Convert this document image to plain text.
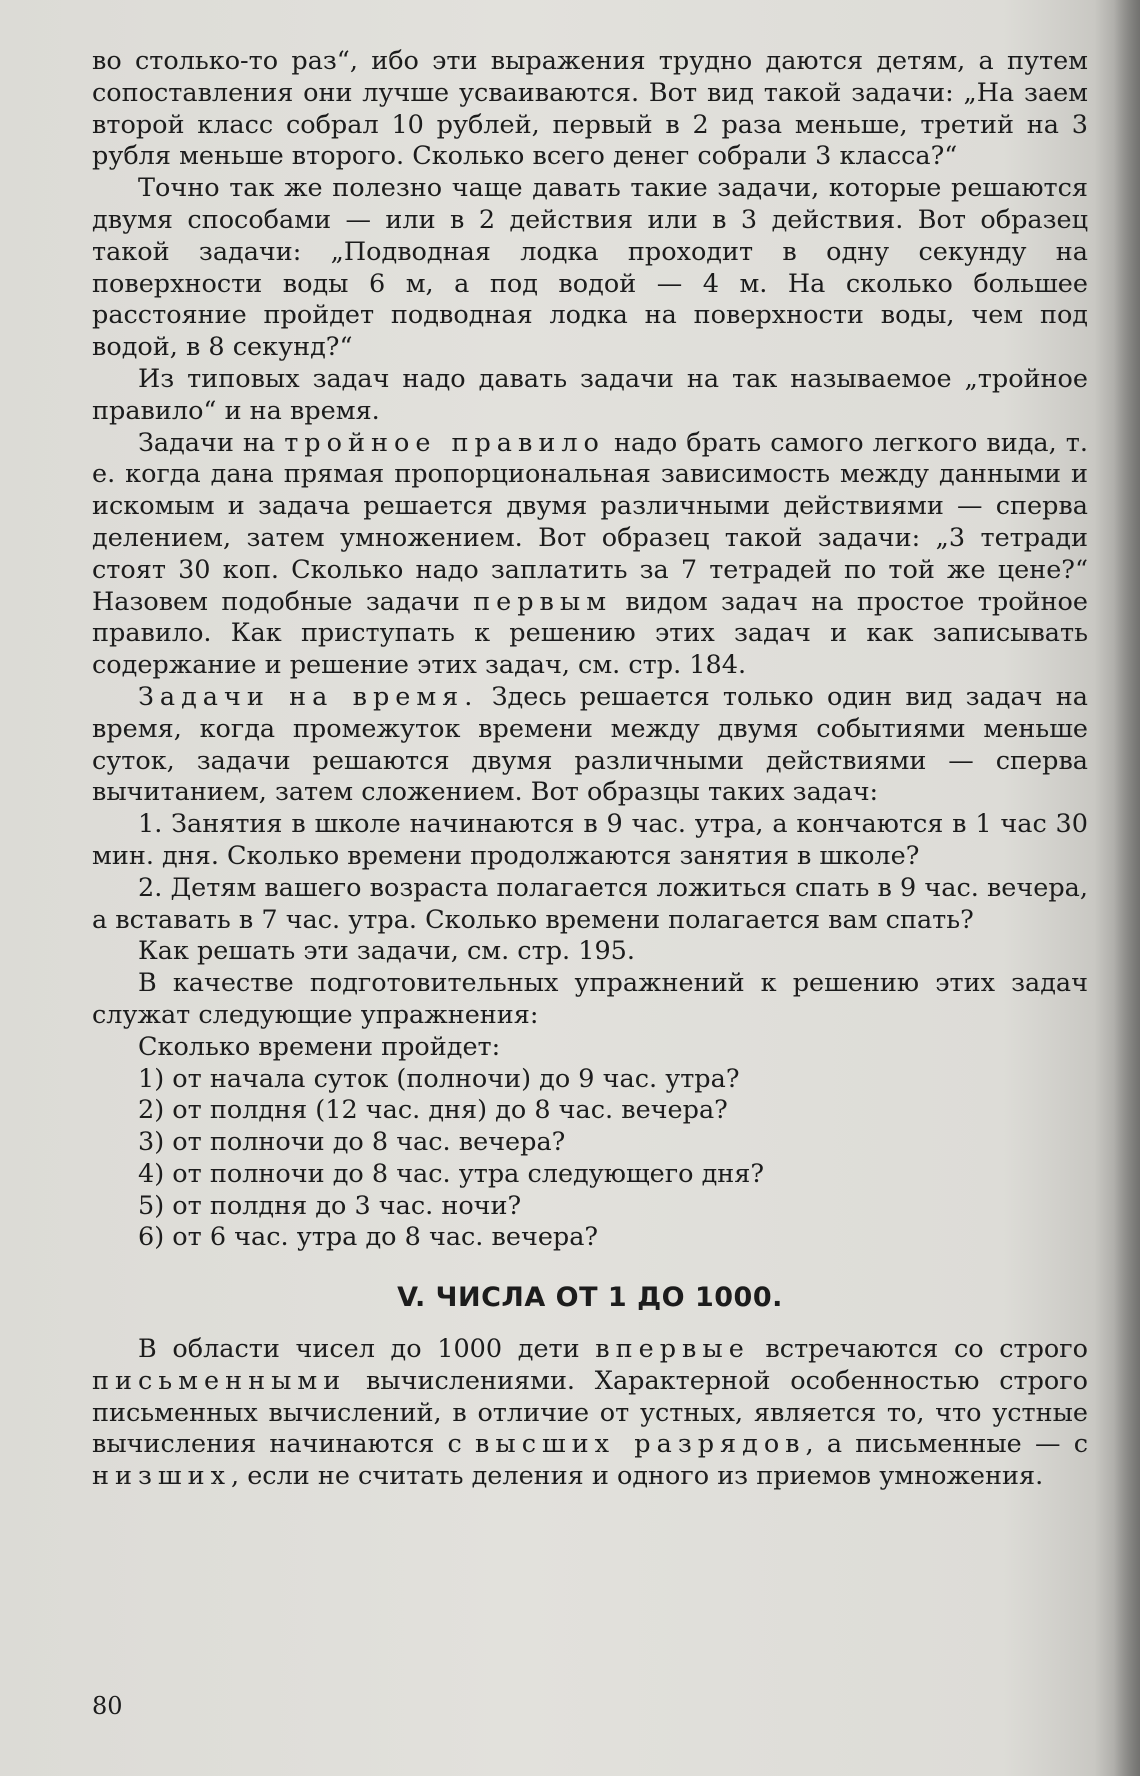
во столько-то раз“, ибо эти выражения трудно даются детям, а путем сопоставления они лучше усваиваются. Вот вид такой задачи: „На заем второй класс собрал 10 рублей, первый в 2 раза меньше, третий на 3 рубля меньше второго. Сколько всего денег собрали 3 класса?“

Точно так же полезно чаще давать такие задачи, которые решаются двумя способами — или в 2 действия или в 3 действия. Вот образец такой задачи: „Подводная лодка проходит в одну секунду на поверхности воды 6 м, а под водой — 4 м. На сколько большее расстояние пройдет подводная лодка на поверхности воды, чем под водой, в 8 секунд?“

Из типовых задач надо давать задачи на так называемое „тройное правило“ и на время.

Задачи на тройное правило надо брать самого легкого вида, т. е. когда дана прямая пропорциональная зависимость между данными и искомым и задача решается двумя различными действиями — сперва делением, затем умножением. Вот образец такой задачи: „3 тетради стоят 30 коп. Сколько надо заплатить за 7 тетрадей по той же цене?“ Назовем подобные задачи первым видом задач на простое тройное правило. Как приступать к решению этих задач и как записывать содержание и решение этих задач, см. стр. 184.

Задачи на время. Здесь решается только один вид задач на время, когда промежуток времени между двумя событиями меньше суток, задачи решаются двумя различными действиями — сперва вычитанием, затем сложением. Вот образцы таких задач:

1. Занятия в школе начинаются в 9 час. утра, а кончаются в 1 час 30 мин. дня. Сколько времени продолжаются занятия в школе?

2. Детям вашего возраста полагается ложиться спать в 9 час. вечера, а вставать в 7 час. утра. Сколько времени полагается вам спать?

Как решать эти задачи, см. стр. 195.

В качестве подготовительных упражнений к решению этих задач служат следующие упражнения:

Сколько времени пройдет:

1) от начала суток (полночи) до 9 час. утра?

2) от полдня (12 час. дня) до 8 час. вечера?

3) от полночи до 8 час. вечера?

4) от полночи до 8 час. утра следующего дня?

5) от полдня до 3 час. ночи?

6) от 6 час. утра до 8 час. вечера?

V. ЧИСЛА ОТ 1 ДО 1000.

В области чисел до 1000 дети впервые встречаются со строго письменными вычислениями. Характерной особенностью строго письменных вычислений, в отличие от устных, является то, что устные вычисления начинаются с высших разрядов, а письменные — с низших, если не считать деления и одного из приемов умножения.

80
